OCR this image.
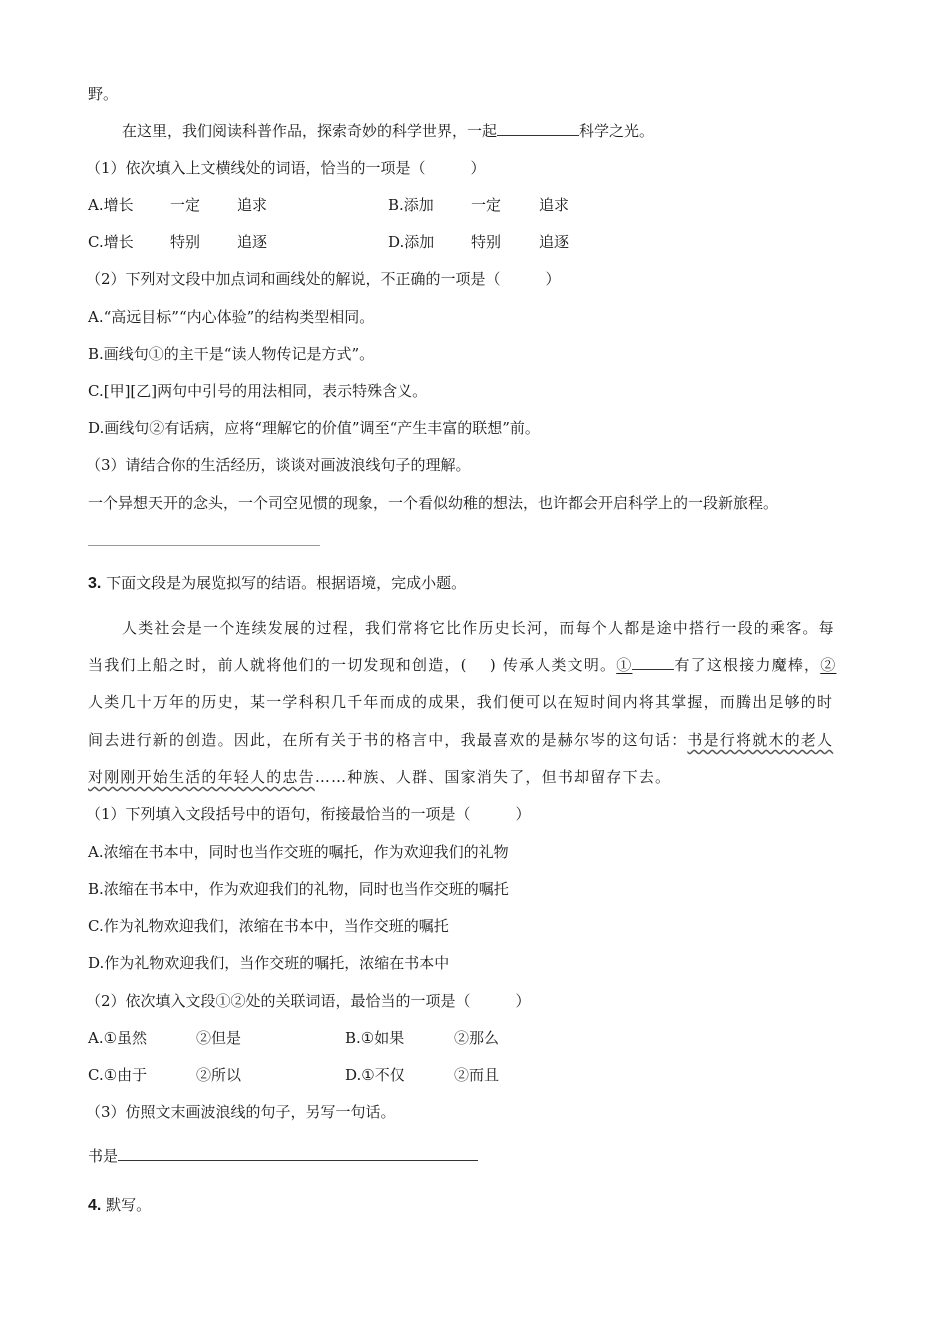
野。
在这里，我们阅读科普作品，探索奇妙的科学世界，一起	科学之光。
（1）依次填入上文横线处的词语，恰当的一项是（　　　）
A.增长 一定 追求	B.添加 一定	追求
C.增长 特别 追逐	D.添加 特别	追逐
（2）下列对文段中加点词和画线处的解说，不正确的一项是（　　　）
A.“高远目标”“内心体验”的结构类型相同。
B.画线句①的主干是“读人物传记是方式”。
C.[甲][乙]两句中引号的用法相同，表示特殊含义。
D.画线句②有话病，应将“理解它的价值”调至“产生丰富的联想”前。
（3）请结合你的生活经历，谈谈对画波浪线句子的理解。
一个异想天开的念头，一个司空见惯的现象，一个看似幼稚的想法，也许都会开启科学上的一段新旅程。
3. 下面文段是为展览拟写的结语。根据语境，完成小题。
人类社会是一个连续发展的过程，我们常将它比作历史长河，而每个人都是途中搭行一段的乘客。每
当我们上船之时，前人就将他们的一切发现和创造，(　 ) 传承人类文明。①	有了这根接力魔棒，②
人类几十万年的历史，某一学科积几千年而成的成果，我们便可以在短时间内将其掌握，而腾出足够的时
间去进行新的创造。因此，在所有关于书的格言中，我最喜欢的是赫尔岑的这句话：书是行将就木的老人
对刚刚开始生活的年轻人的忠告……种族、人群、国家消失了，但书却留存下去。
（1）下列填入文段括号中的语句，衔接最恰当的一项是（　　　）
A.浓缩在书本中，同时也当作交班的嘱托，作为欢迎我们的礼物
B.浓缩在书本中，作为欢迎我们的礼物，同时也当作交班的嘱托
C.作为礼物欢迎我们，浓缩在书本中，当作交班的嘱托
D.作为礼物欢迎我们，当作交班的嘱托，浓缩在书本中
（2）依次填入文段①②处的关联词语，最恰当的一项是（　　　）
A.①虽然	②但是	B.①如果	②那么
C.①由于	②所以	D.①不仅	②而且
（3）仿照文末画波浪线的句子，另写一句话。
书是
4. 默写。
